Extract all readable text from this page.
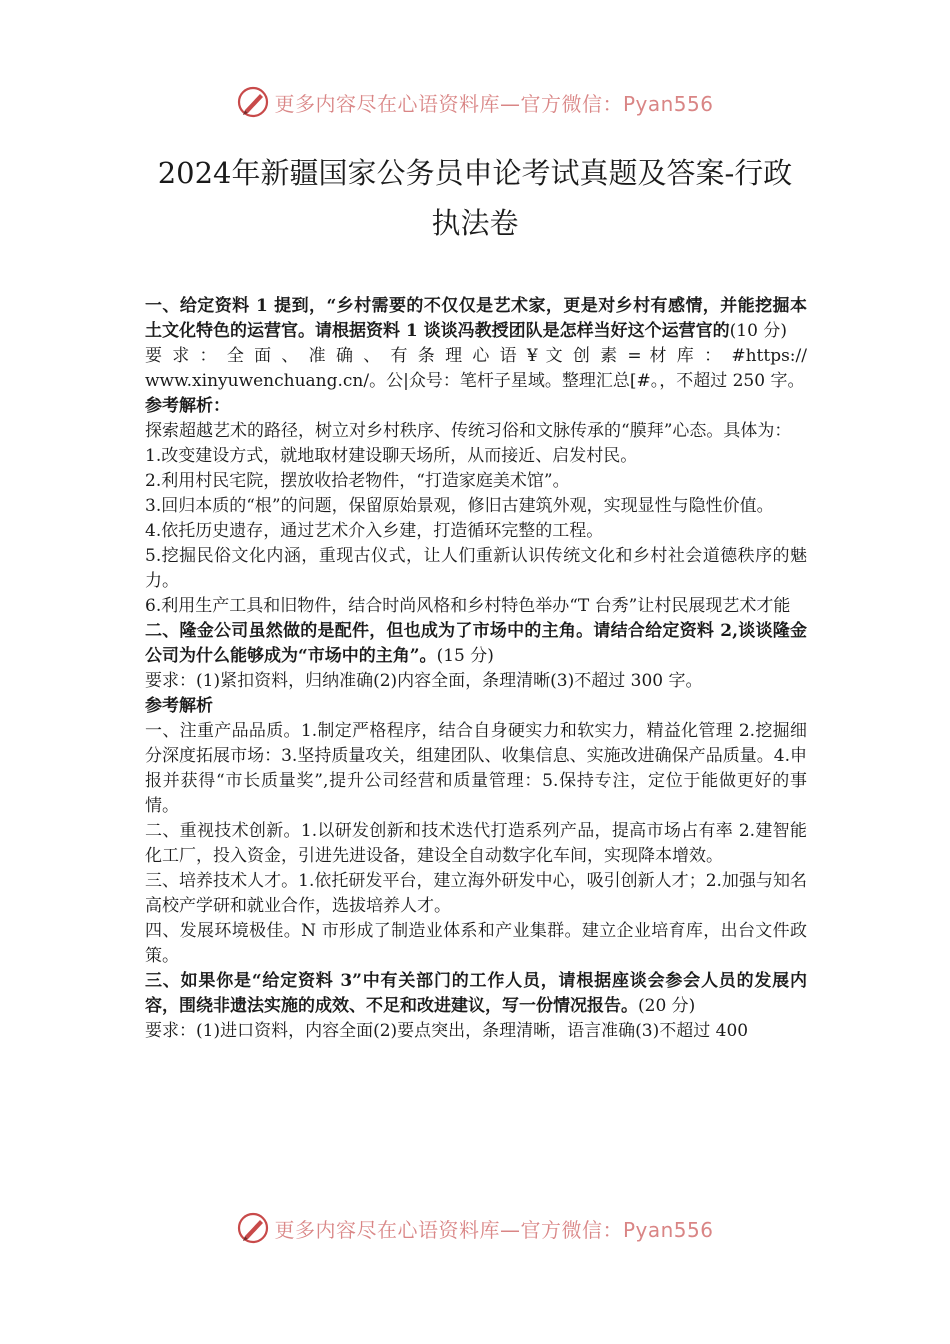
更多内容尽在心语资料库—官方微信：Pyan556
2024年新疆国家公务员申论考试真题及答案-行政
执法卷

一、给定资料 1 提到，“乡村需要的不仅仅是艺术家，更是对乡村有感情，并能挖掘本土文化特色的运营官。请根据资料 1 谈谈冯教授团队是怎样当好这个运营官的(10 分)

要 求 ： 全 面 、 准 确 、 有 条 理 心 语 ¥ 文 创 素 = 材 库 ： #https://

www.xinyuwenchuang.cn/。公|众号：笔杆子星域。整理汇总[#。，不超过 250 字。

参考解析：

探索超越艺术的路径，树立对乡村秩序、传统习俗和文脉传承的“膜拜”心态。具体为：

1.改变建设方式，就地取材建设聊天场所，从而接近、启发村民。

2.利用村民宅院，摆放收拾老物件，“打造家庭美术馆”。

3.回归本质的“根”的问题，保留原始景观，修旧古建筑外观，实现显性与隐性价值。

4.依托历史遗存，通过艺术介入乡建，打造循环完整的工程。

5.挖掘民俗文化内涵，重现古仪式，让人们重新认识传统文化和乡村社会道德秩序的魅力。

6.利用生产工具和旧物件，结合时尚风格和乡村特色举办“T 台秀”让村民展现艺术才能

二、隆金公司虽然做的是配件，但也成为了市场中的主角。请结合给定资料 2,谈谈隆金公司为什么能够成为“市场中的主角”。(15 分)

要求：(1)紧扣资料，归纳准确(2)内容全面，条理清晰(3)不超过 300 字。

参考解析

一、注重产品品质。1.制定严格程序，结合自身硬实力和软实力，精益化管理 2.挖掘细分深度拓展市场：3.坚持质量攻关，组建团队、收集信息、实施改进确保产品质量。4.申报并获得“市长质量奖”,提升公司经营和质量管理：5.保持专注，定位于能做更好的事情。

二、重视技术创新。1.以研发创新和技术迭代打造系列产品，提高市场占有率 2.建智能化工厂，投入资金，引进先进设备，建设全自动数字化车间，实现降本增效。

三、培养技术人才。1.依托研发平台，建立海外研发中心，吸引创新人才；2.加强与知名高校产学研和就业合作，选拔培养人才。

四、发展环境极佳。N 市形成了制造业体系和产业集群。建立企业培育库，出台文件政策。

三、如果你是“给定资料 3”中有关部门的工作人员，请根据座谈会参会人员的发展内容，围绕非遗法实施的成效、不足和改进建议，写一份情况报告。(20 分)

要求：(1)进口资料，内容全面(2)要点突出，条理清晰，语言准确(3)不超过 400

更多内容尽在心语资料库—官方微信：Pyan556
